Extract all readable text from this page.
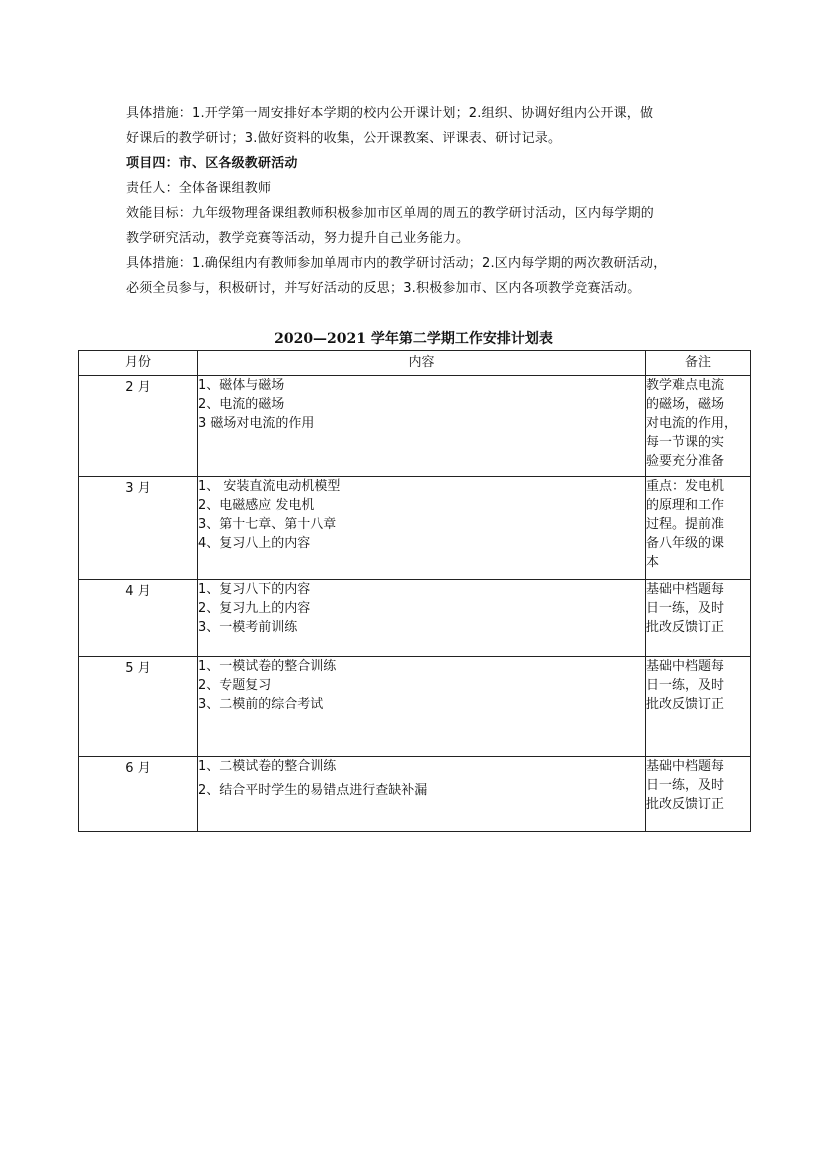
具体措施：1.开学第一周安排好本学期的校内公开课计划；2.组织、协调好组内公开课，做
好课后的教学研讨；3.做好资料的收集，公开课教案、评课表、研讨记录。
项目四：市、区各级教研活动
责任人：全体备课组教师
效能目标：九年级物理备课组教师积极参加市区单周的周五的教学研讨活动，区内每学期的
教学研究活动，教学竞赛等活动，努力提升自己业务能力。
具体措施：1.确保组内有教师参加单周市内的教学研讨活动；2.区内每学期的两次教研活动，
必须全员参与，积极研讨，并写好活动的反思；3.积极参加市、区内各项教学竞赛活动。
2020—2021 学年第二学期工作安排计划表
月份	内容	备注
2 月	1、磁体与磁场
2、电流的磁场
3 磁场对电流的作用	教学难点电流
的磁场，磁场
对电流的作用，
每一节课的实
验要充分准备

3 月	1、 安装直流电动机模型
2、电磁感应 发电机
3、第十七章、第十八章
4、复习八上的内容	重点：发电机
的原理和工作
过程。提前准
备八年级的课
本

4 月	1、复习八下的内容
2、复习九上的内容
3、一模考前训练	基础中档题每
日一练，及时
批改反馈订正

5 月	1、一模试卷的整合训练
2、专题复习
3、二模前的综合考试	基础中档题每
日一练，及时
批改反馈订正

6 月	1、二模试卷的整合训练
2、结合平时学生的易错点进行查缺补漏	基础中档题每
日一练，及时
批改反馈订正
